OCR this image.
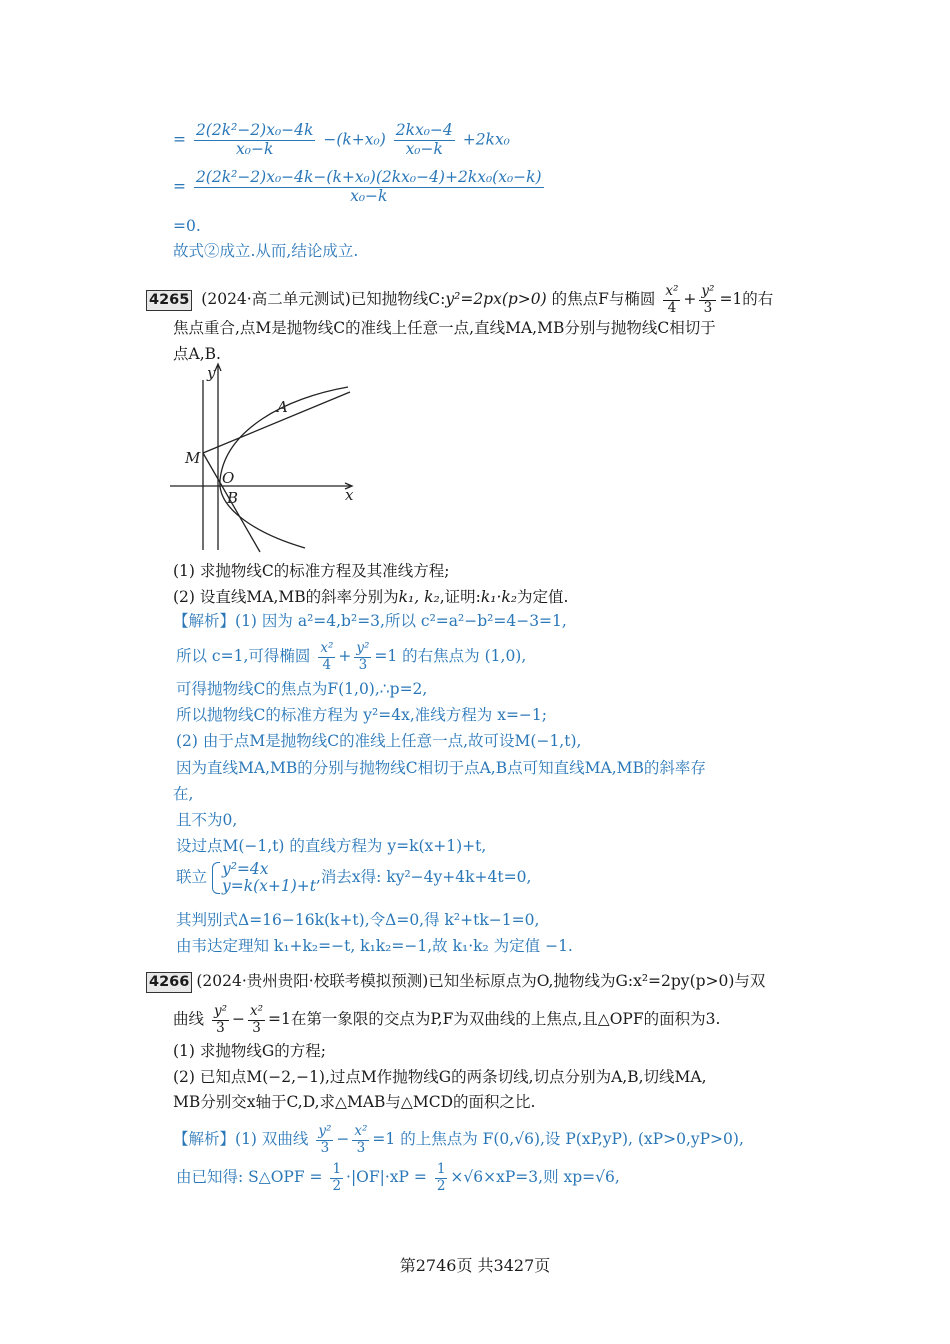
= $\frac{\text{2(2k²−2)x₀−4k}}{\text{x₀−k}} -(k+x_0) \frac{\text{2kx₀−4}}{\text{x₀−k}} +2kx_0$
= $\frac{\text{2(2k²−2)x₀−4k−(k+x₀)(2kx₀−4)+2kx₀(x₀−k)}}{\text{x₀−k}}$
=0.
故式②成立.从而,结论成立.
4265 (2024·高二单元测试)已知抛物线C:y²=2px(p>0) 的焦点F与椭圆 $\frac{\text{x²}}{4} + \frac{\text{y²}}{3} =1$的右
焦点重合,点M是抛物线C的准线上任意一点,直线MA,MB分别与抛物线C相切于
点A,B.
y
x
A
M
O
B
(1) 求抛物线C的标准方程及其准线方程;
(2) 设直线MA,MB的斜率分别为k₁, k₂,证明:k₁·k₂为定值.
【解析】(1) 因为 a²=4,b²=3,所以 c²=a²−b²=4−3=1,
所以 c=1,可得椭圆 $\frac{\text{x²}}{4} + \frac{\text{y²}}{3} =1$ 的右焦点为 (1,0),
可得抛物线C的焦点为F(1,0),∴p=2,
所以抛物线C的标准方程为 y²=4x,准线方程为 x=−1;
(2) 由于点M是抛物线C的准线上任意一点,故可设M(−1,t),
因为直线MA,MB的分别与抛物线C相切于点A,B点可知直线MA,MB的斜率存
在,
且不为0,
设过点M(−1,t) 的直线方程为 y=k(x+1)+t,
联立 y²=4x
y=k(x+1)+t ,消去x得: ky²−4y+4k+4t=0,
其判别式Δ=16−16k(k+t),令Δ=0,得 k²+tk−1=0,
由韦达定理知 k₁+k₂=−t, k₁k₂=−1,故 k₁·k₂ 为定值 −1.
4266 (2024·贵州贵阳·校联考模拟预测)已知坐标原点为O,抛物线为G:x²=2py(p>0)与双
曲线 $\frac{\text{y²}}{3} - \frac{\text{x²}}{3} =1$在第一象限的交点为P,F为双曲线的上焦点,且△OPF的面积为3.
(1) 求抛物线G的方程;
(2) 已知点M(−2,−1),过点M作抛物线G的两条切线,切点分别为A,B,切线MA,
MB分别交x轴于C,D,求△MAB与△MCD的面积之比.
【解析】(1) 双曲线 $\frac{\text{y²}}{3} - \frac{\text{x²}}{3} =1$ 的上焦点为 F(0,√6),设 P(xP,yP), (xP>0,yP>0),
由已知得: S△OPF = $\frac{1}{2} \cdot|OF|\cdot xP = \frac{1}{2} \times√6\times xP=3$,则 xp=√6,
第2746页 共3427页
